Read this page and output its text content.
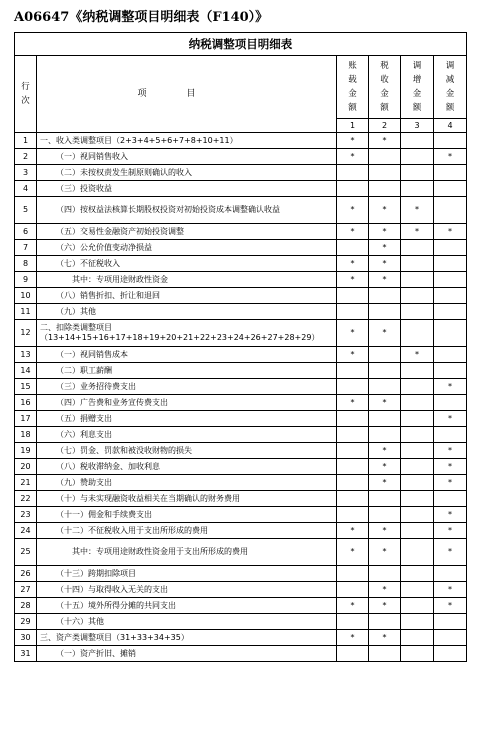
A06647《纳税调整项目明细表（F140）》
纳税调整项目明细表					

行次	项目	账载金额	税收金额	调增金额	调减金额

		1	2	3	4
1	一、收入类调整项目（2+3+4+5+6+7+8+10+11）	*	*		
2	（一）视同销售收入	*			*
3	（二）未按权责发生制原则确认的收入				
4	（三）投资收益				
5	（四）按权益法核算长期股权投资对初始投资成本调整确认收益	*	*	*	
6	（五）交易性金融资产初始投资调整	*	*	*	*
7	（六）公允价值变动净损益		*		
8	（七）不征税收入	*	*		
9	其中：专项用途财政性资金	*	*		
10	（八）销售折扣、折让和退回				
11	（九）其他				
12	二、扣除类调整项目（13+14+15+16+17+18+19+20+21+22+23+24+26+27+28+29）	*	*		
13	（一）视同销售成本	*		*	
14	（二）职工薪酬				
15	（三）业务招待费支出				*
16	（四）广告费和业务宣传费支出	*	*		
17	（五）捐赠支出				*
18	（六）利息支出				
19	（七）罚金、罚款和被没收财物的损失		*		*
20	（八）税收滞纳金、加收利息		*		*
21	（九）赞助支出		*		*
22	（十）与未实现融资收益相关在当期确认的财务费用				
23	（十一）佣金和手续费支出				*
24	（十二）不征税收入用于支出所形成的费用	*	*		*
25	其中：专项用途财政性资金用于支出所形成的费用	*	*		*
26	（十三）跨期扣除项目				
27	（十四）与取得收入无关的支出		*		*
28	（十五）境外所得分摊的共同支出	*	*		*
29	（十六）其他				
30	三、资产类调整项目（31+33+34+35）	*	*		
31	（一）资产折旧、摊销				
